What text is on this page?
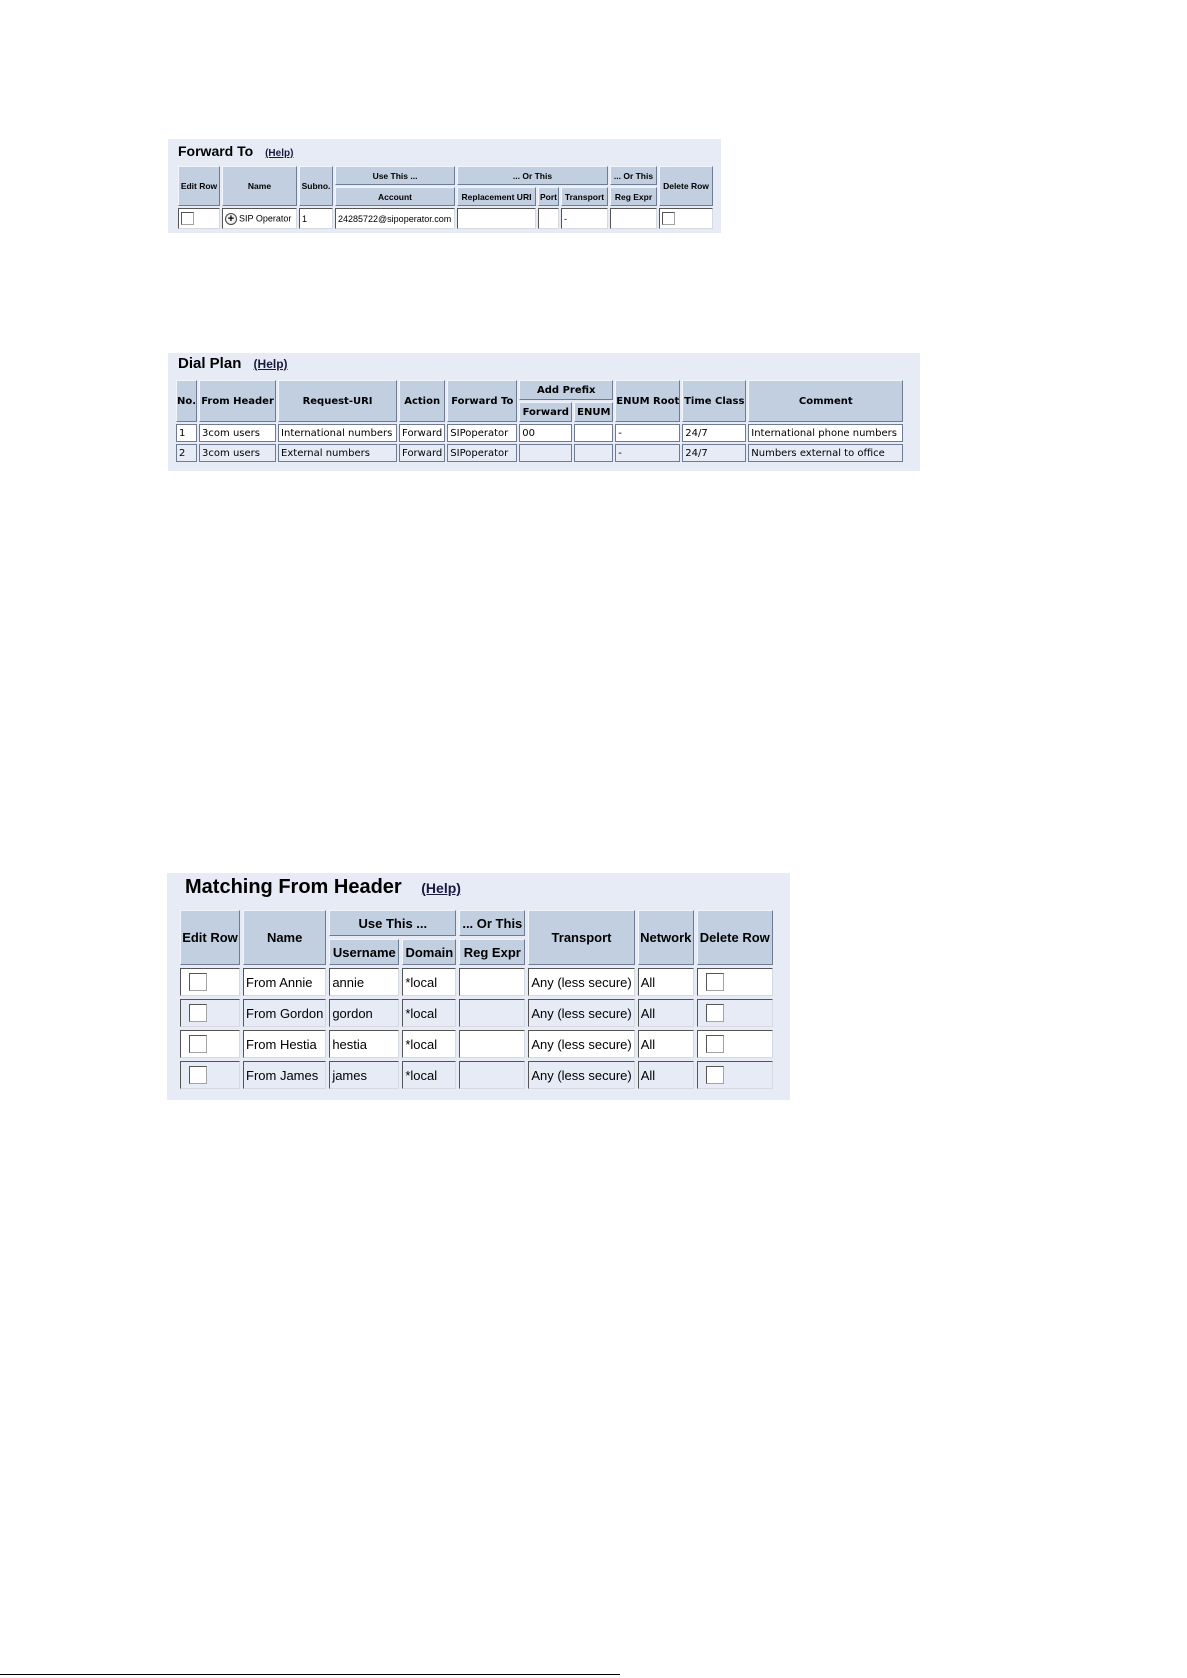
Forward To (Help)
Edit Row	Name	Subno.	Use This ...	... Or This			... Or This	Delete Row
			Account	Replacement URI	Port	Transport	Reg Expr	
	+ SIP Operator	1	24285722@sipoperator.com			-		
Dial Plan (Help)
No.	From Header	Request-URI	Action	Forward To	Add Prefix		ENUM Root	Time Class	Comment
					Forward	ENUM			
1	3com users	International numbers	Forward	SIPoperator	00		-	24/7	International phone numbers
2	3com users	External numbers	Forward	SIPoperator			-	24/7	Numbers external to office
Matching From Header (Help)
Edit Row	Name	Use This ...		... Or This	Transport	Network	Delete Row
		Username	Domain	Reg Expr			
	From Annie	annie	*local		Any (less secure)	All	
	From Gordon	gordon	*local		Any (less secure)	All	
	From Hestia	hestia	*local		Any (less secure)	All	
	From James	james	*local		Any (less secure)	All	
